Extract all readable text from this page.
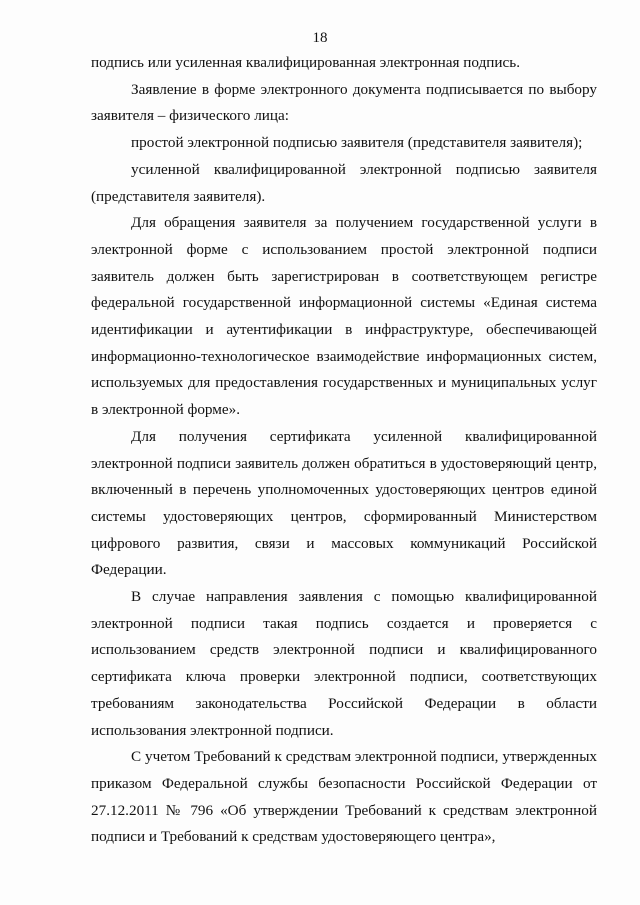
18

подпись или усиленная квалифицированная электронная подпись.

Заявление в форме электронного документа подписывается по выбору заявителя – физического лица:

простой электронной подписью заявителя (представителя заявителя);

усиленной квалифицированной электронной подписью заявителя (представителя заявителя).

Для обращения заявителя за получением государственной услуги в электронной форме с использованием простой электронной подписи заявитель должен быть зарегистрирован в соответствующем регистре федеральной государственной информационной системы «Единая система идентификации и аутентификации в инфраструктуре, обеспечивающей информационно-технологическое взаимодействие информационных систем, используемых для предоставления государственных и муниципальных услуг в электронной форме».

Для получения сертификата усиленной квалифицированной электронной подписи заявитель должен обратиться в удостоверяющий центр, включенный в перечень уполномоченных удостоверяющих центров единой системы удостоверяющих центров, сформированный Министерством цифрового развития, связи и массовых коммуникаций Российской Федерации.

В случае направления заявления с помощью квалифицированной электронной подписи такая подпись создается и проверяется с использованием средств электронной подписи и квалифицированного сертификата ключа проверки электронной подписи, соответствующих требованиям законодательства Российской Федерации в области использования электронной подписи.

С учетом Требований к средствам электронной подписи, утвержденных приказом Федеральной службы безопасности Российской Федерации от 27.12.2011 № 796 «Об утверждении Требований к средствам электронной подписи и Требований к средствам удостоверяющего центра»,
